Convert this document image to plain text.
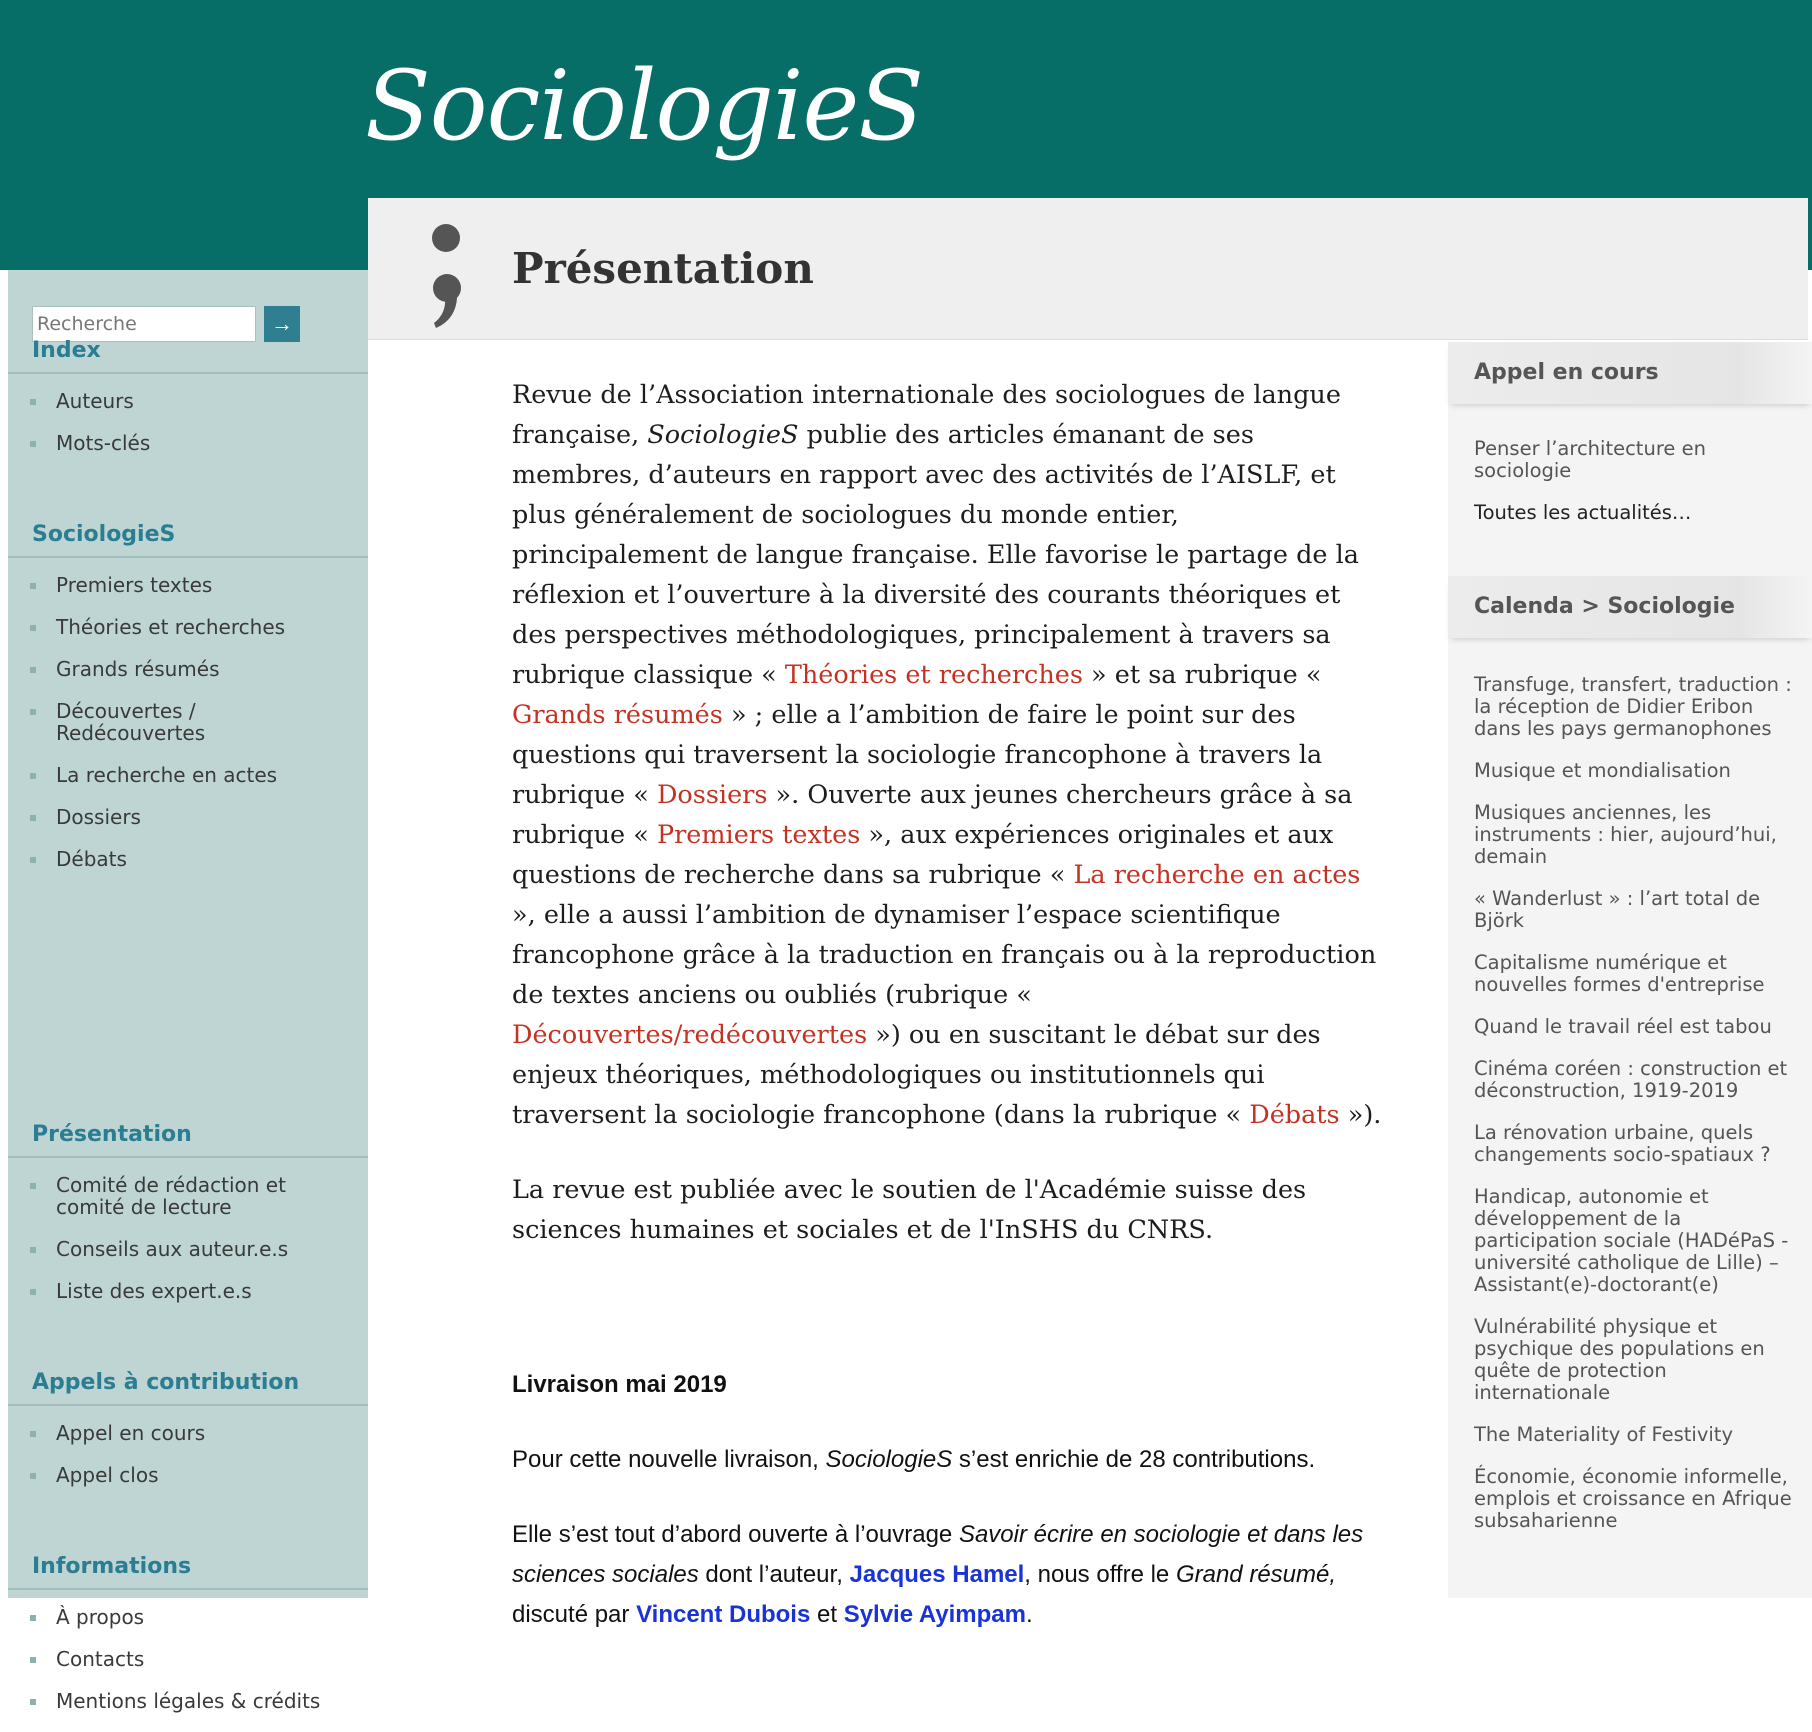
SociologieS
Recherche
→
Index
Auteurs
Mots-clés
SociologieS
Premiers textes
Théories et recherches
Grands résumés
Découvertes / Redécouvertes
La recherche en actes
Dossiers
Débats
Présentation
Comité de rédaction et comité de lecture
Conseils aux auteur.e.s
Liste des expert.e.s
Appels à contribution
Appel en cours
Appel clos
Informations
À propos
Contacts
Mentions légales & crédits
Présentation

Revue de l’Association internationale des sociologues de langue française, SociologieS publie des articles émanant de ses membres, d’auteurs en rapport avec des activités de l’AISLF, et plus généralement de sociologues du monde entier, principalement de langue française. Elle favorise le partage de la réflexion et l’ouverture à la diversité des courants théoriques et des perspectives méthodologiques, principalement à travers sa rubrique classique « Théories et recherches » et sa rubrique « Grands résumés » ; elle a l’ambition de faire le point sur des questions qui traversent la sociologie francophone à travers la rubrique « Dossiers ». Ouverte aux jeunes chercheurs grâce à sa rubrique « Premiers textes », aux expériences originales et aux questions de recherche dans sa rubrique « La recherche en actes », elle a aussi l’ambition de dynamiser l’espace scientifique francophone grâce à la traduction en français ou à la reproduction de textes anciens ou oubliés (rubrique « Découvertes/redécouvertes ») ou en suscitant le débat sur des enjeux théoriques, méthodologiques ou institutionnels qui traversent la sociologie francophone (dans la rubrique « Débats »).

La revue est publiée avec le soutien de l'Académie suisse des sciences humaines et sociales et de l'InSHS du CNRS.

Livraison mai 2019

Pour cette nouvelle livraison, SociologieS s’est enrichie de 28 contributions.

Elle s’est tout d’abord ouverte à l’ouvrage Savoir écrire en sociologie et dans les sciences sociales dont l’auteur, Jacques Hamel, nous offre le Grand résumé, discuté par Vincent Dubois et Sylvie Ayimpam.

Appel en cours
Penser l’architecture en sociologie
Toutes les actualités…
Calenda > Sociologie
Transfuge, transfert, traduction : la réception de Didier Eribon dans les pays germanophones
Musique et mondialisation
Musiques anciennes, les instruments : hier, aujourd’hui, demain
« Wanderlust » : l’art total de Björk
Capitalisme numérique et nouvelles formes d'entreprise
Quand le travail réel est tabou
Cinéma coréen : construction et déconstruction, 1919-2019
La rénovation urbaine, quels changements socio-spatiaux ?
Handicap, autonomie et développement de la participation sociale (HADéPaS - université catholique de Lille) – Assistant(e)-doctorant(e)
Vulnérabilité physique et psychique des populations en quête de protection internationale
The Materiality of Festivity
Économie, économie informelle, emplois et croissance en Afrique subsaharienne
